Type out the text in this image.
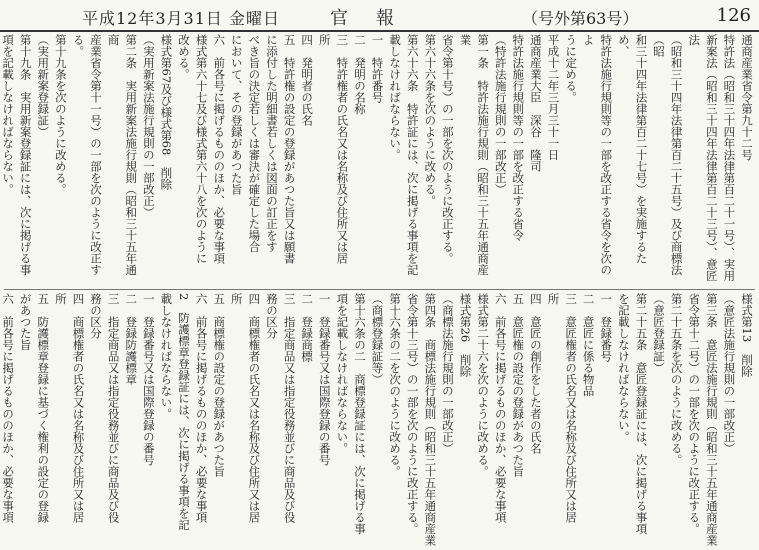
平成12年3月31日 金曜日	官報	（号外第63号）	126

通商産業省令第九十二号

特許法（昭和三十四年法律第百二十一号）、実用

新案法（昭和三十四年法律第百二十三号）、意匠法

（昭和三十四年法律第百二十五号）及び商標法（昭

和三十四年法律第百二十七号）を実施するため、

特許法施行規則等の一部を改正する省令を次のよ

うに定める。

平成十二年三月三十一日

通商産業大臣　深谷　隆司

特許法施行規則等の一部を改正する省令

（特許法施行規則の一部改正）

第一条　特許法施行規則（昭和三十五年通商産業

省令第十号）の一部を次のように改正する。

第六十六条を次のように改める。

第六十六条　特許証には、次に掲げる事項を記

載しなければならない。

一　特許番号

二　発明の名称

三　特許権者の氏名又は名称及び住所又は居

所

四　発明者の氏名

五　特許権の設定の登録があつた旨又は願書

に添付した明細書若しくは図面の訂正をす

べき旨の決定若しくは審決が確定した場合

において、その登録があつた旨

六　前各号に掲げるもののほか、必要な事項

様式第六十七及び様式第六十八を次のように

改める。

様式第67及び様式第68　削除

（実用新案法施行規則の一部改正）

第二条　実用新案法施行規則（昭和三十五年通商

産業省令第十一号）の一部を次のように改正す

る。

第十九条を次のように改める。

（実用新案登録証）

第十九条　実用新案登録証には、次に掲げる事

項を記載しなければならない。

様式第13　削除

（意匠法施行規則の一部改正）

第三条　意匠法施行規則（昭和三十五年通商産業

省令第十二号）の一部を次のように改正する。

第二十五条を次のように改める。

（意匠登録証）

第二十五条　意匠登録証には、次に掲げる事項

を記載しなければならない。

一　登録番号

二　意匠に係る物品

三　意匠権者の氏名又は名称及び住所又は居

所

四　意匠の創作をした者の氏名

五　意匠権の設定の登録があつた旨

六　前各号に掲げるもののほか、必要な事項

様式第二十六を次のように改める。

様式第26　削除

（商標法施行規則の一部改正）

第四条　商標法施行規則（昭和三十五年通商産業

省令第十三号）の一部を次のように改正する。

第十六条の二を次のように改める。

（商標登録証等）

第十六条の二　商標登録証には、次に掲げる事

項を記載しなければならない。

一　登録番号又は国際登録の番号

二　登録商標

三　指定商品又は指定役務並びに商品及び役

務の区分

四　商標権者の氏名又は名称及び住所又は居

所

五　商標権の設定の登録があつた旨

六　前各号に掲げるもののほか、必要な事項

2　防護標章登録証には、次に掲げる事項を記

載しなければならない。

一　登録番号又は国際登録の番号

二　登録防護標章

三　指定商品又は指定役務並びに商品及び役

務の区分

四　商標権者の氏名又は名称及び住所又は居

所

五　防護標章登録に基づく権利の設定の登録

があつた旨

六　前各号に掲げるもののほか、必要な事項
